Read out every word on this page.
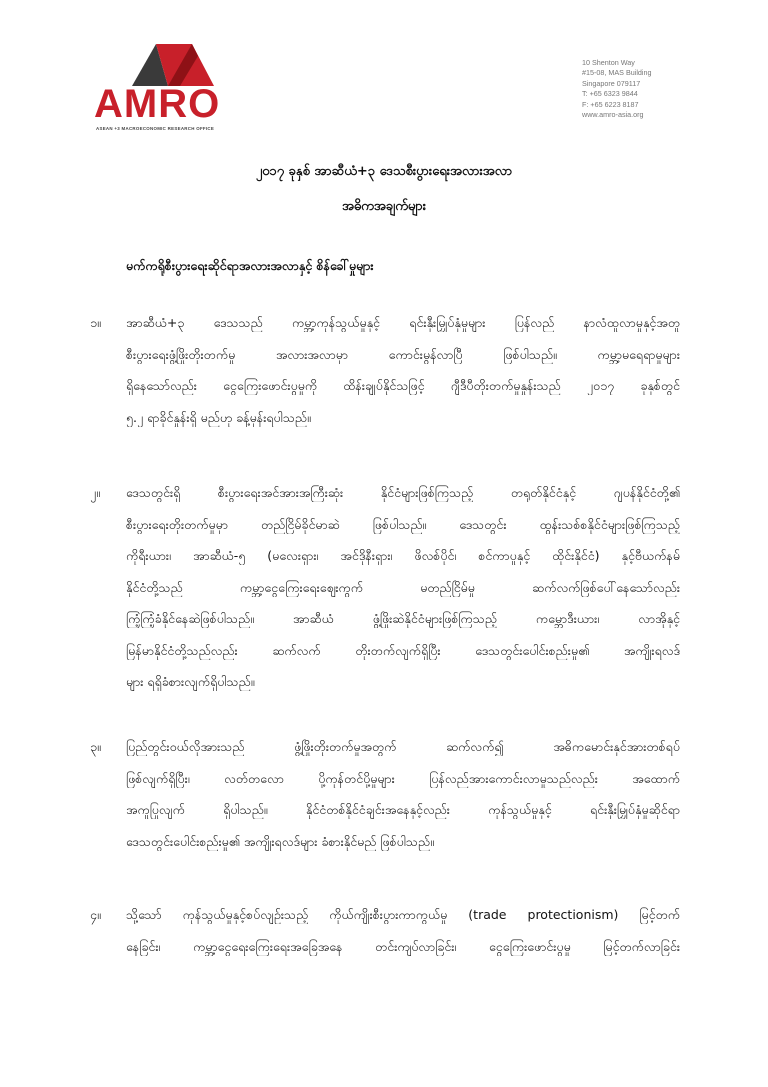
AMRO
ASEAN +3 MACROECONOMIC RESEARCH OFFICE
10 Shenton Way
#15-08, MAS Building
Singapore 079117
T: +65 6323 9844
F: +65 6223 8187
www.amro-asia.org
၂၀၁၇ ခုနှစ် အာဆီယံ+၃ ဒေသစီးပွားရေးအလားအလာ
အဓိကအချက်များ
မက်ကရိုစီးပွားရေးဆိုင်ရာအလားအလာနှင့် စိန်ခေါ်မှုများ
၁။ အာဆီယံ+၃ ဒေသသည် ကမ္ဘာ့ကုန်သွယ်မှုနှင့် ရင်းနှီးမြှုပ်နှံမှုများ ပြန်လည် နာလံထူလာမှုနှင့်အတူ
စီးပွားရေးဖွံ့ဖြိုးတိုးတက်မှု အလားအလာမှာ ကောင်းမွန်လာပြီ ဖြစ်ပါသည်။ ကမ္ဘာ့မရေရာမှုများ
ရှိနေသော်လည်း ငွေကြေးဖောင်းပွမှုကို ထိန်းချုပ်နိုင်သဖြင့် ဂျီဒီပီတိုးတက်မှုနှုန်းသည် ၂၀၁၇ ခုနှစ်တွင်
၅.၂ ရာခိုင်နှုန်းရှိ မည်ဟု ခန့်မှန်းရပါသည်။
၂။ ဒေသတွင်းရှိ စီးပွားရေးအင်အားအကြီးဆုံး နိုင်ငံများဖြစ်ကြသည့် တရုတ်နိုင်ငံနှင့် ဂျပန်နိုင်ငံတို့၏
စီးပွားရေးတိုးတက်မှုမှာ တည်ငြိမ်ခိုင်မာဆဲ ဖြစ်ပါသည်။ ဒေသတွင်း ထွန်းသစ်စနိုင်ငံများဖြစ်ကြသည့်
ကိုရီးယား၊ အာဆီယံ-၅ (မလေးရှား၊ အင်ဒိုနီးရှား၊ ဖိလစ်ပိုင်၊ စင်ကာပူနှင့် ထိုင်းနိုင်ငံ) နှင့်ဗီယက်နမ်
နိုင်ငံတို့သည် ကမ္ဘာ့ငွေကြေးရေးဈေးကွက် မတည်ငြိမ်မှု ဆက်လက်ဖြစ်ပေါ်နေသော်လည်း
ကြံ့ကြံ့ခံနိုင်နေဆဲဖြစ်ပါသည်။ အာဆီယံ ဖွံ့ဖြိုးဆဲနိုင်ငံများဖြစ်ကြသည့် ကမ္ဘောဒီးယား၊ လာအိုနှင့်
မြန်မာနိုင်ငံတို့သည်လည်း ဆက်လက် တိုးတက်လျက်ရှိပြီး ဒေသတွင်းပေါင်းစည်းမှု၏ အကျိုးရလဒ်
များ ရရှိခံစားလျက်ရှိပါသည်။
၃။ ပြည်တွင်းဝယ်လိုအားသည် ဖွံ့ဖြိုးတိုးတက်မှုအတွက် ဆက်လက်၍ အဓိကမောင်းနှင်အားတစ်ရပ်
ဖြစ်လျက်ရှိပြီး၊ လတ်တလော ပို့ကုန်တင်ပို့မှုများ ပြန်လည်အားကောင်းလာမှုသည်လည်း အထောက်
အကူပြုလျက် ရှိပါသည်။ နိုင်ငံတစ်နိုင်ငံချင်းအနေနှင့်လည်း ကုန်သွယ်မှုနှင့် ရင်းနှီးမြှုပ်နှံမှုဆိုင်ရာ
ဒေသတွင်းပေါင်းစည်းမှု၏ အကျိုးရလဒ်များ ခံစားနိုင်မည် ဖြစ်ပါသည်။
၄။ သို့သော် ကုန်သွယ်မှုနှင့်စပ်လျဉ်းသည့် ကိုယ်ကျိုးစီးပွားကာကွယ်မှု (trade protectionism) မြင့်တက်
နေခြင်း၊ ကမ္ဘာ့ငွေရေးကြေးရေးအခြေအနေ တင်းကျပ်လာခြင်း၊ ငွေကြေးဖောင်းပွမှု မြင့်တက်လာခြင်း
